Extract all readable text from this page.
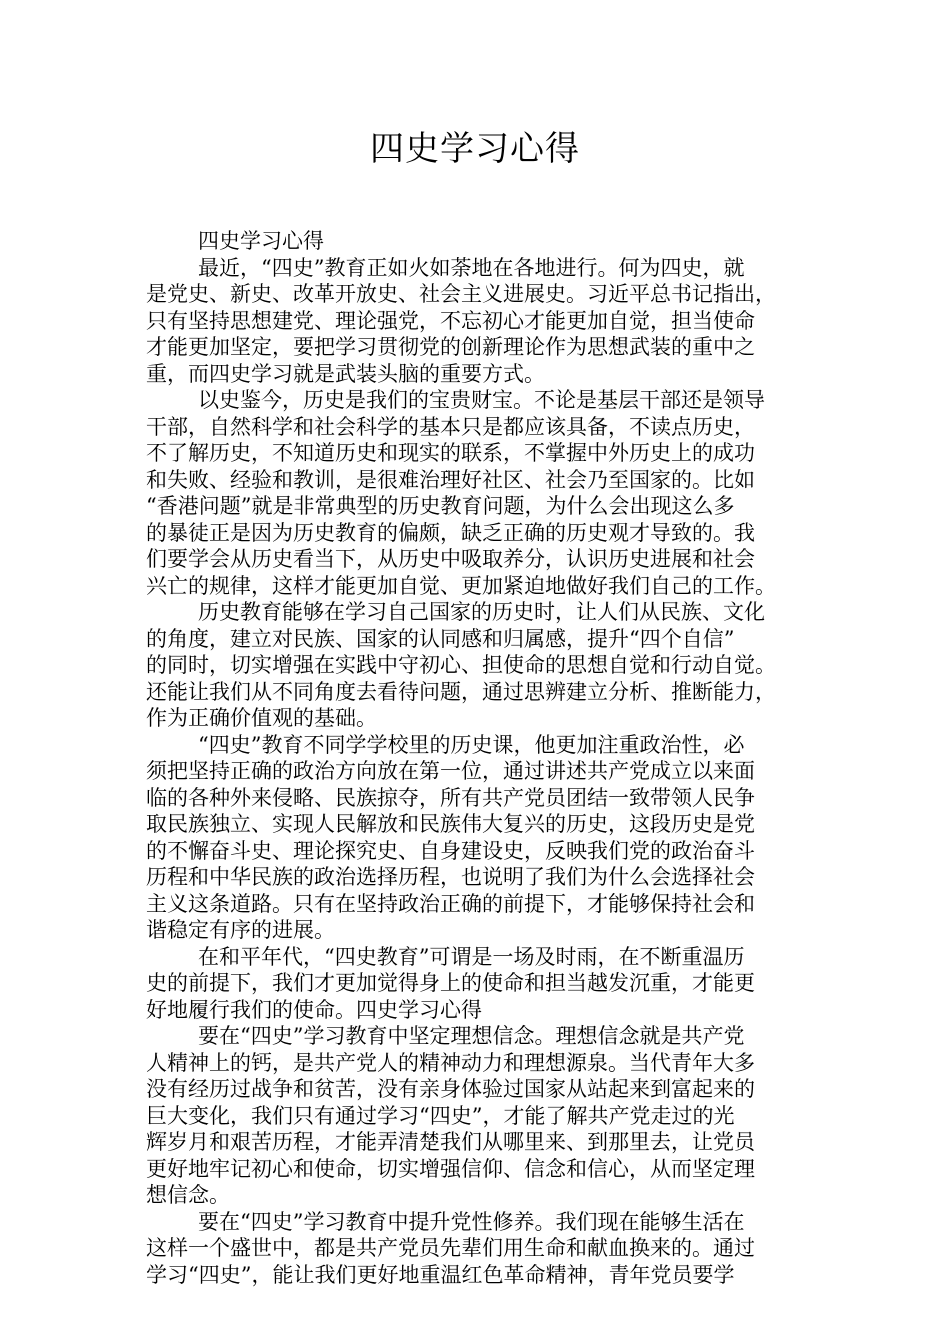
四史学习心得
四史学习心得
最近，“四史”教育正如火如荼地在各地进行。何为四史，就
是党史、新史、改革开放史、社会主义进展史。习近平总书记指出，
只有坚持思想建党、理论强党，不忘初心才能更加自觉，担当使命
才能更加坚定，要把学习贯彻党的创新理论作为思想武装的重中之
重，而四史学习就是武装头脑的重要方式。
以史鉴今，历史是我们的宝贵财宝。不论是基层干部还是领导
干部，自然科学和社会科学的基本只是都应该具备，不读点历史，
不了解历史，不知道历史和现实的联系，不掌握中外历史上的成功
和失败、经验和教训，是很难治理好社区、社会乃至国家的。比如
“香港问题”就是非常典型的历史教育问题，为什么会出现这么多
的暴徒正是因为历史教育的偏颇，缺乏正确的历史观才导致的。我
们要学会从历史看当下，从历史中吸取养分，认识历史进展和社会
兴亡的规律，这样才能更加自觉、更加紧迫地做好我们自己的工作。
历史教育能够在学习自己国家的历史时，让人们从民族、文化
的角度，建立对民族、国家的认同感和归属感，提升“四个自信”
的同时，切实增强在实践中守初心、担使命的思想自觉和行动自觉。
还能让我们从不同角度去看待问题，通过思辨建立分析、推断能力，
作为正确价值观的基础。
“四史”教育不同学学校里的历史课，他更加注重政治性，必
须把坚持正确的政治方向放在第一位，通过讲述共产党成立以来面
临的各种外来侵略、民族掠夺，所有共产党员团结一致带领人民争
取民族独立、实现人民解放和民族伟大复兴的历史，这段历史是党
的不懈奋斗史、理论探究史、自身建设史，反映我们党的政治奋斗
历程和中华民族的政治选择历程，也说明了我们为什么会选择社会
主义这条道路。只有在坚持政治正确的前提下，才能够保持社会和
谐稳定有序的进展。
在和平年代，“四史教育”可谓是一场及时雨，在不断重温历
史的前提下，我们才更加觉得身上的使命和担当越发沉重，才能更
好地履行我们的使命。四史学习心得
要在“四史”学习教育中坚定理想信念。理想信念就是共产党
人精神上的钙，是共产党人的精神动力和理想源泉。当代青年大多
没有经历过战争和贫苦，没有亲身体验过国家从站起来到富起来的
巨大变化，我们只有通过学习“四史”，才能了解共产党走过的光
辉岁月和艰苦历程，才能弄清楚我们从哪里来、到那里去，让党员
更好地牢记初心和使命，切实增强信仰、信念和信心，从而坚定理
想信念。
要在“四史”学习教育中提升党性修养。我们现在能够生活在
这样一个盛世中，都是共产党员先辈们用生命和献血换来的。通过
学习“四史”，能让我们更好地重温红色革命精神，青年党员要学
